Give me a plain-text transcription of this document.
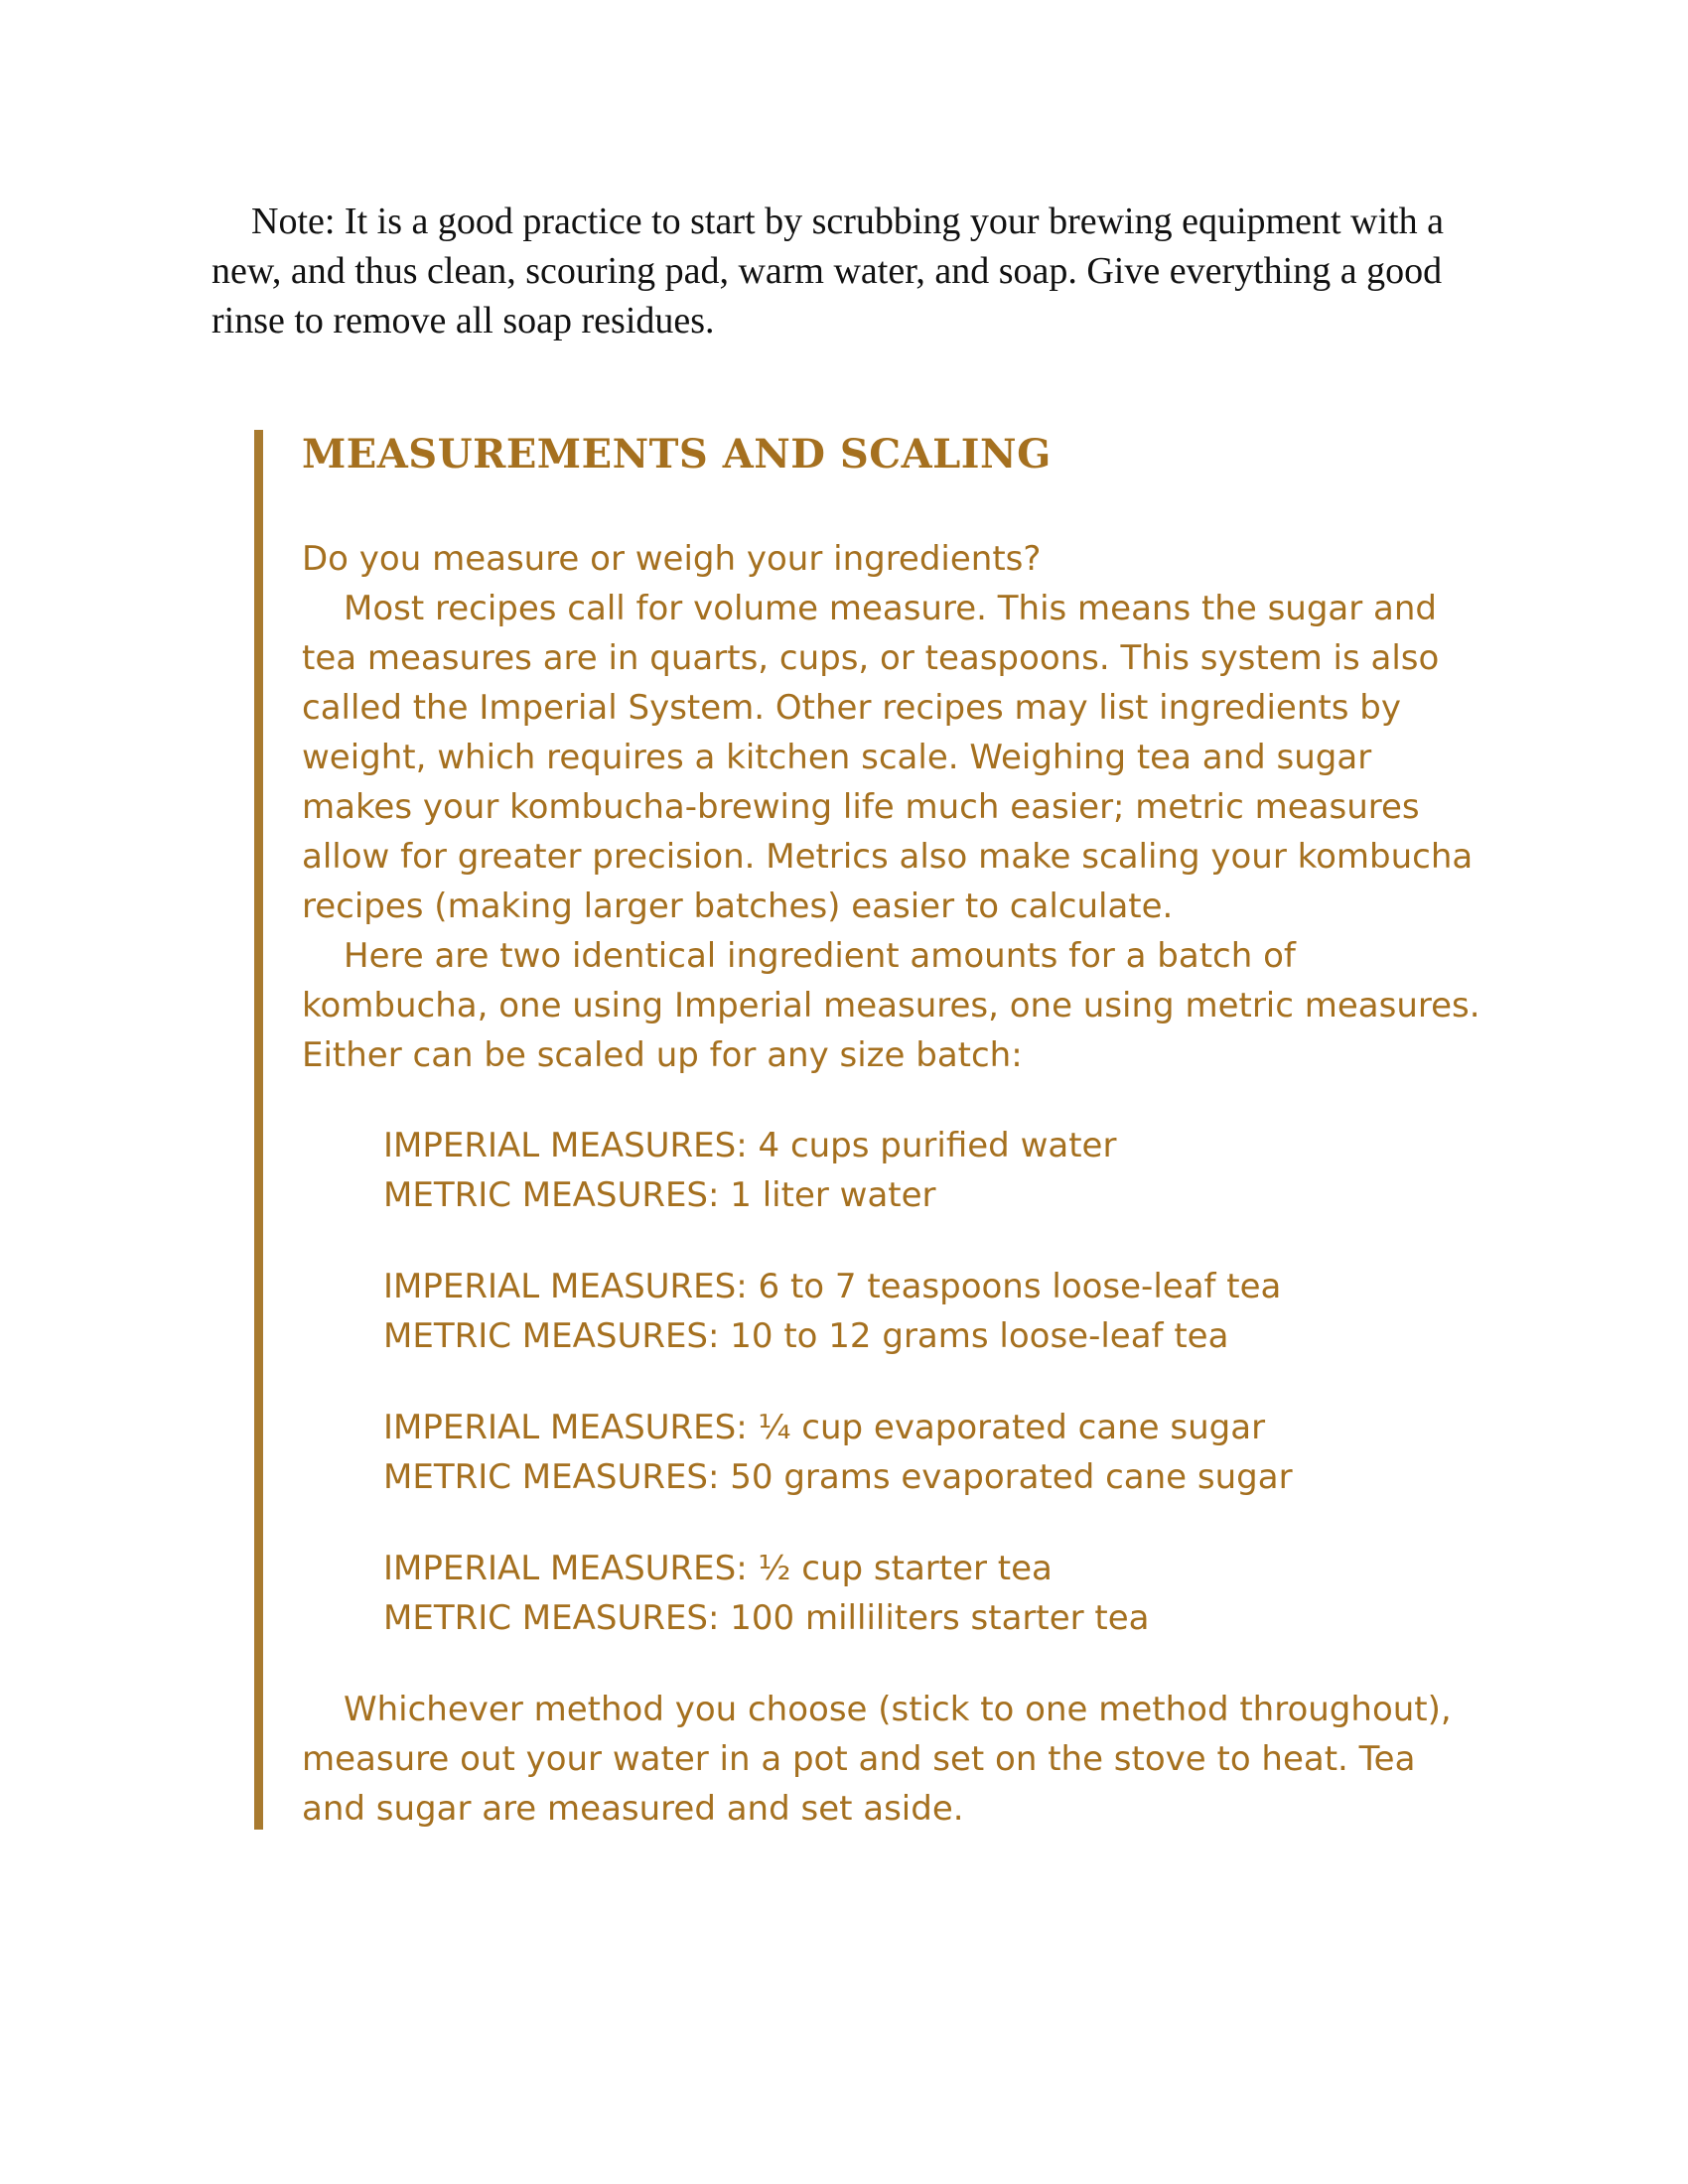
Note: It is a good practice to start by scrubbing your brewing equipment with a new, and thus clean, scouring pad, warm water, and soap. Give everything a good rinse to remove all soap residues.

MEASUREMENTS AND SCALING

Do you measure or weigh your ingredients?

Most recipes call for volume measure. This means the sugar and tea measures are in quarts, cups, or teaspoons. This system is also called the Imperial System. Other recipes may list ingredients by weight, which requires a kitchen scale. Weighing tea and sugar makes your kombucha-brewing life much easier; metric measures allow for greater precision. Metrics also make scaling your kombucha recipes (making larger batches) easier to calculate.

Here are two identical ingredient amounts for a batch of kombucha, one using Imperial measures, one using metric measures. Either can be scaled up for any size batch:

IMPERIAL MEASURES: 4 cups purified water
METRIC MEASURES: 1 liter water
IMPERIAL MEASURES: 6 to 7 teaspoons loose-leaf tea
METRIC MEASURES: 10 to 12 grams loose-leaf tea
IMPERIAL MEASURES: ¼ cup evaporated cane sugar
METRIC MEASURES: 50 grams evaporated cane sugar
IMPERIAL MEASURES: ½ cup starter tea
METRIC MEASURES: 100 milliliters starter tea

Whichever method you choose (stick to one method throughout), measure out your water in a pot and set on the stove to heat. Tea and sugar are measured and set aside.
